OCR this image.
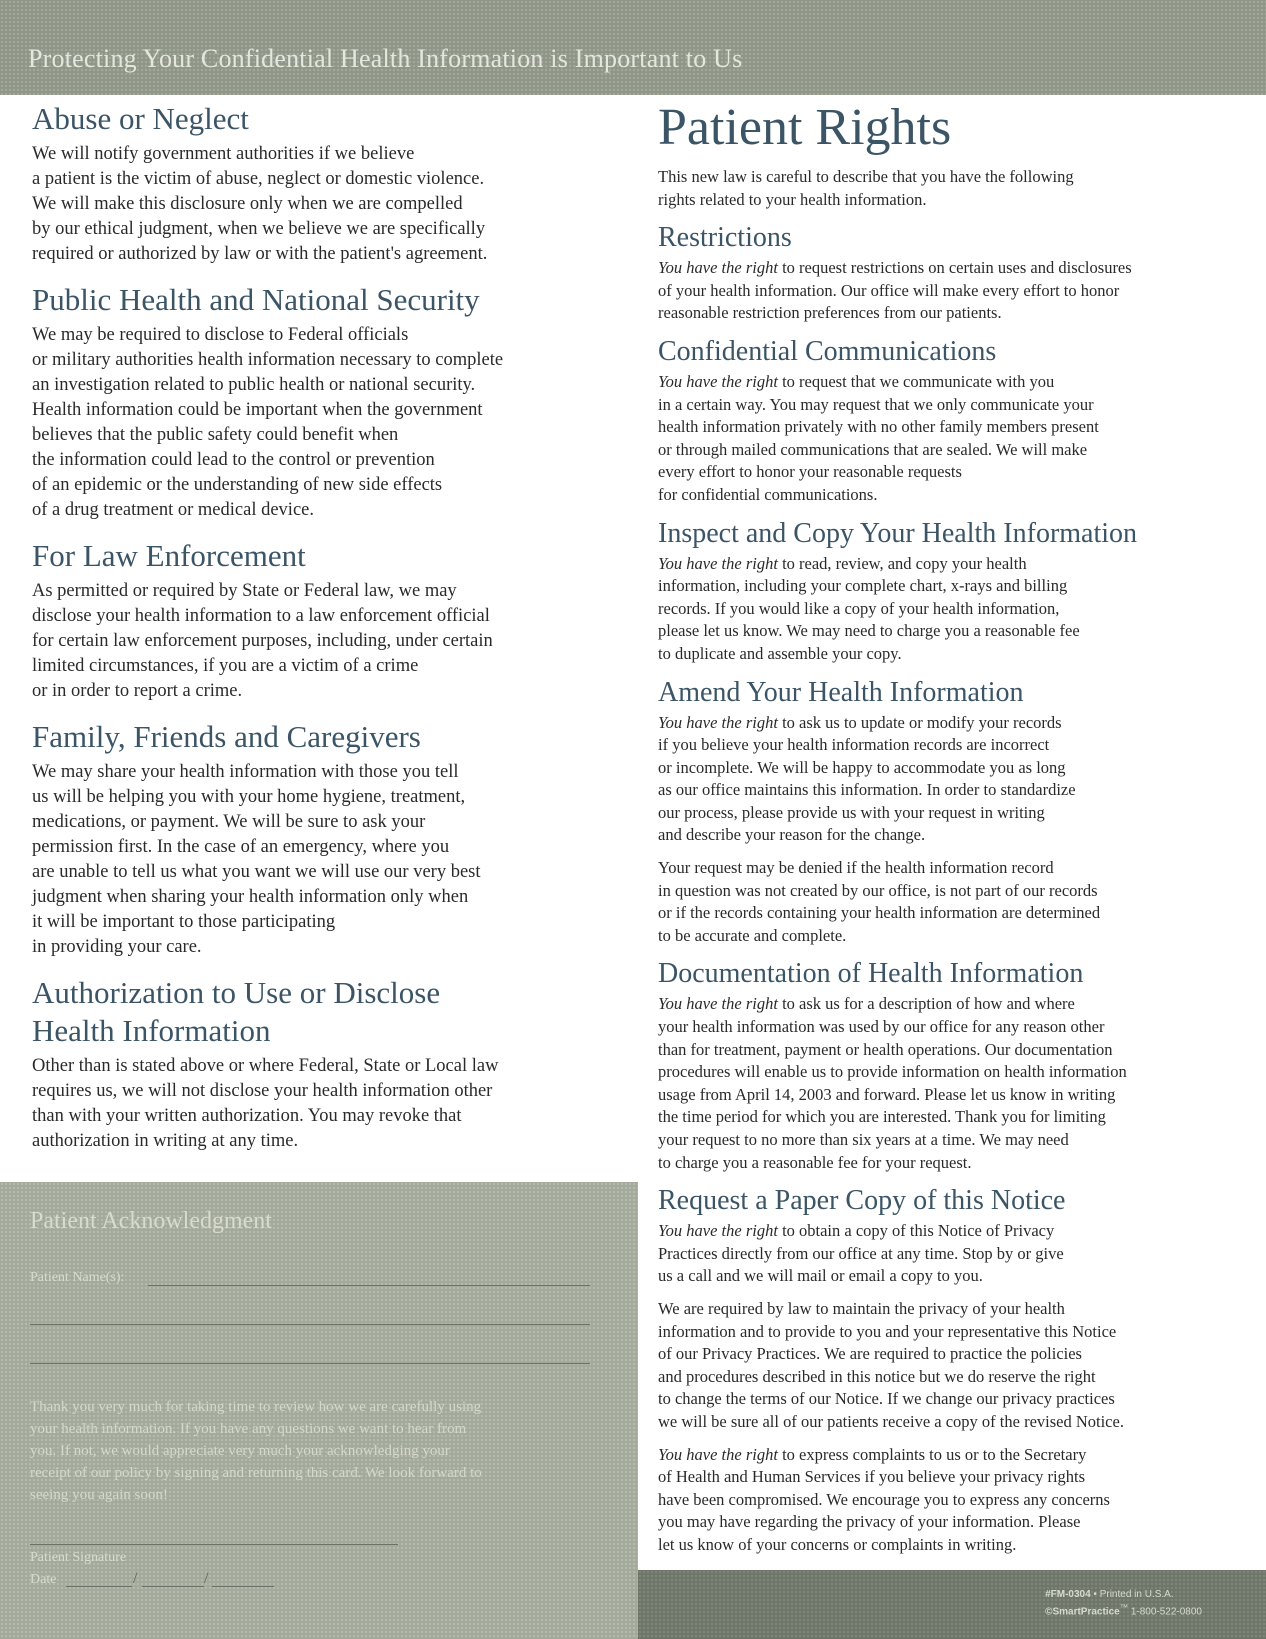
Protecting Your Confidential Health Information is Important to Us
Abuse or Neglect

We will notify government authorities if we believe
a patient is the victim of abuse, neglect or domestic violence.
We will make this disclosure only when we are compelled
by our ethical judgment, when we believe we are specifically
required or authorized by law or with the patient's agreement.

Public Health and National Security

We may be required to disclose to Federal officials
or military authorities health information necessary to complete
an investigation related to public health or national security.
Health information could be important when the government
believes that the public safety could benefit when
the information could lead to the control or prevention
of an epidemic or the understanding of new side effects
of a drug treatment or medical device.

For Law Enforcement

As permitted or required by State or Federal law, we may
disclose your health information to a law enforcement official
for certain law enforcement purposes, including, under certain
limited circumstances, if you are a victim of a crime
or in order to report a crime.

Family, Friends and Caregivers

We may share your health information with those you tell
us will be helping you with your home hygiene, treatment,
medications, or payment. We will be sure to ask your
permission first. In the case of an emergency, where you
are unable to tell us what you want we will use our very best
judgment when sharing your health information only when
it will be important to those participating
in providing your care.

Authorization to Use or Disclose
Health Information

Other than is stated above or where Federal, State or Local law
requires us, we will not disclose your health information other
than with your written authorization. You may revoke that
authorization in writing at any time.

Patient Rights

This new law is careful to describe that you have the following
rights related to your health information.

Restrictions

You have the right to request restrictions on certain uses and disclosures
of your health information. Our office will make every effort to honor
reasonable restriction preferences from our patients.

Confidential Communications

You have the right to request that we communicate with you
in a certain way. You may request that we only communicate your
health information privately with no other family members present
or through mailed communications that are sealed. We will make
every effort to honor your reasonable requests
for confidential communications.

Inspect and Copy Your Health Information

You have the right to read, review, and copy your health
information, including your complete chart, x-rays and billing
records. If you would like a copy of your health information,
please let us know. We may need to charge you a reasonable fee
to duplicate and assemble your copy.

Amend Your Health Information

You have the right to ask us to update or modify your records
if you believe your health information records are incorrect
or incomplete. We will be happy to accommodate you as long
as our office maintains this information. In order to standardize
our process, please provide us with your request in writing
and describe your reason for the change.

Your request may be denied if the health information record
in question was not created by our office, is not part of our records
or if the records containing your health information are determined
to be accurate and complete.

Documentation of Health Information

You have the right to ask us for a description of how and where
your health information was used by our office for any reason other
than for treatment, payment or health operations. Our documentation
procedures will enable us to provide information on health information
usage from April 14, 2003 and forward. Please let us know in writing
the time period for which you are interested. Thank you for limiting
your request to no more than six years at a time. We may need
to charge you a reasonable fee for your request.

Request a Paper Copy of this Notice

You have the right to obtain a copy of this Notice of Privacy
Practices directly from our office at any time. Stop by or give
us a call and we will mail or email a copy to you.

We are required by law to maintain the privacy of your health
information and to provide to you and your representative this Notice
of our Privacy Practices. We are required to practice the policies
and procedures described in this notice but we do reserve the right
to change the terms of our Notice. If we change our privacy practices
we will be sure all of our patients receive a copy of the revised Notice.

You have the right to express complaints to us or to the Secretary
of Health and Human Services if you believe your privacy rights
have been compromised. We encourage you to express any concerns
you may have regarding the privacy of your information. Please
let us know of your concerns or complaints in writing.

Patient Acknowledgment
Patient Name(s):
Thank you very much for taking time to review how we are carefully using
your health information. If you have any questions we want to hear from
you. If not, we would appreciate very much your acknowledging your
receipt of our policy by signing and returning this card. We look forward to
seeing you again soon!
Patient Signature
Date	/	/
#FM-0304 • Printed in U.S.A.
©SmartPractice™ 1-800-522-0800
